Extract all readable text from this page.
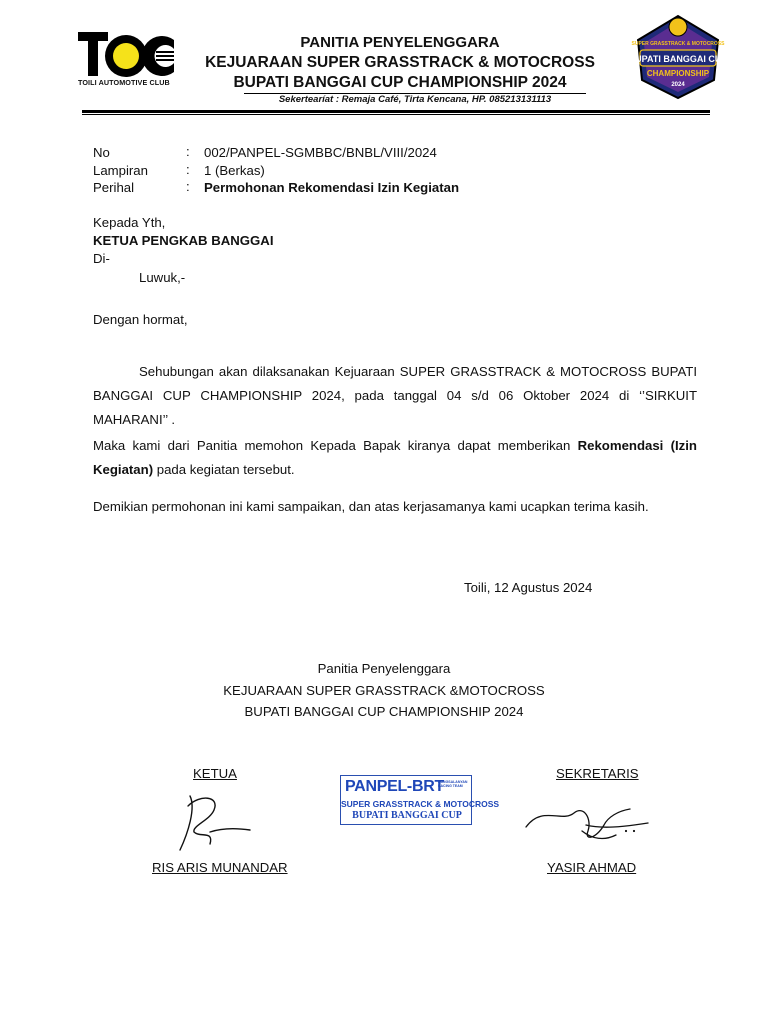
TOILI AUTOMOTIVE CLUB
PANITIA PENYELENGGARA
KEJUARAAN SUPER GRASSTRACK & MOTOCROSS
BUPATI BANGGAI CUP CHAMPIONSHIP 2024
Sekertearíat : Remaja Café, Tirta Kencana, HP. 085213131113
SUPER GRASSTRACK & MOTOCROSS
BUPATI BANGGAI CUP
CHAMPIONSHIP
2024
No	: 002/PANPEL-SGMBBC/BNBL/VIII/2024
Lampiran	: 1 (Berkas)
Perihal	: Permohonan Rekomendasi Izin Kegiatan
Kepada Yth,
KETUA PENGKAB BANGGAI
Di-
Luwuk,-
Dengan hormat,
Sehubungan akan dilaksanakan Kejuaraan SUPER GRASSTRACK & MOTOCROSS BUPATI BANGGAI CUP CHAMPIONSHIP 2024, pada tanggal 04 s/d 06 Oktober 2024 di ‘’SIRKUIT MAHARANI’’ .
Maka kami dari Panitia memohon Kepada Bapak kiranya dapat memberikan Rekomendasi (Izin Kegiatan) pada kegiatan tersebut.
Demikian permohonan ini kami sampaikan, dan atas kerjasamanya kami ucapkan terima kasih.
Toili, 12 Agustus 2024
Panitia Penyelenggara
KEJUARAAN SUPER GRASSTRACK &MOTOCROSS
BUPATI BANGGAI CUP CHAMPIONSHIP 2024
KETUA	SEKRETARIS
PANPEL-BRT
BUNGSALANYAN RACING TEAM
SUPER GRASSTRACK & MOTOCROSS
BUPATI BANGGAI CUP
RIS ARIS MUNANDAR	YASIR AHMAD
